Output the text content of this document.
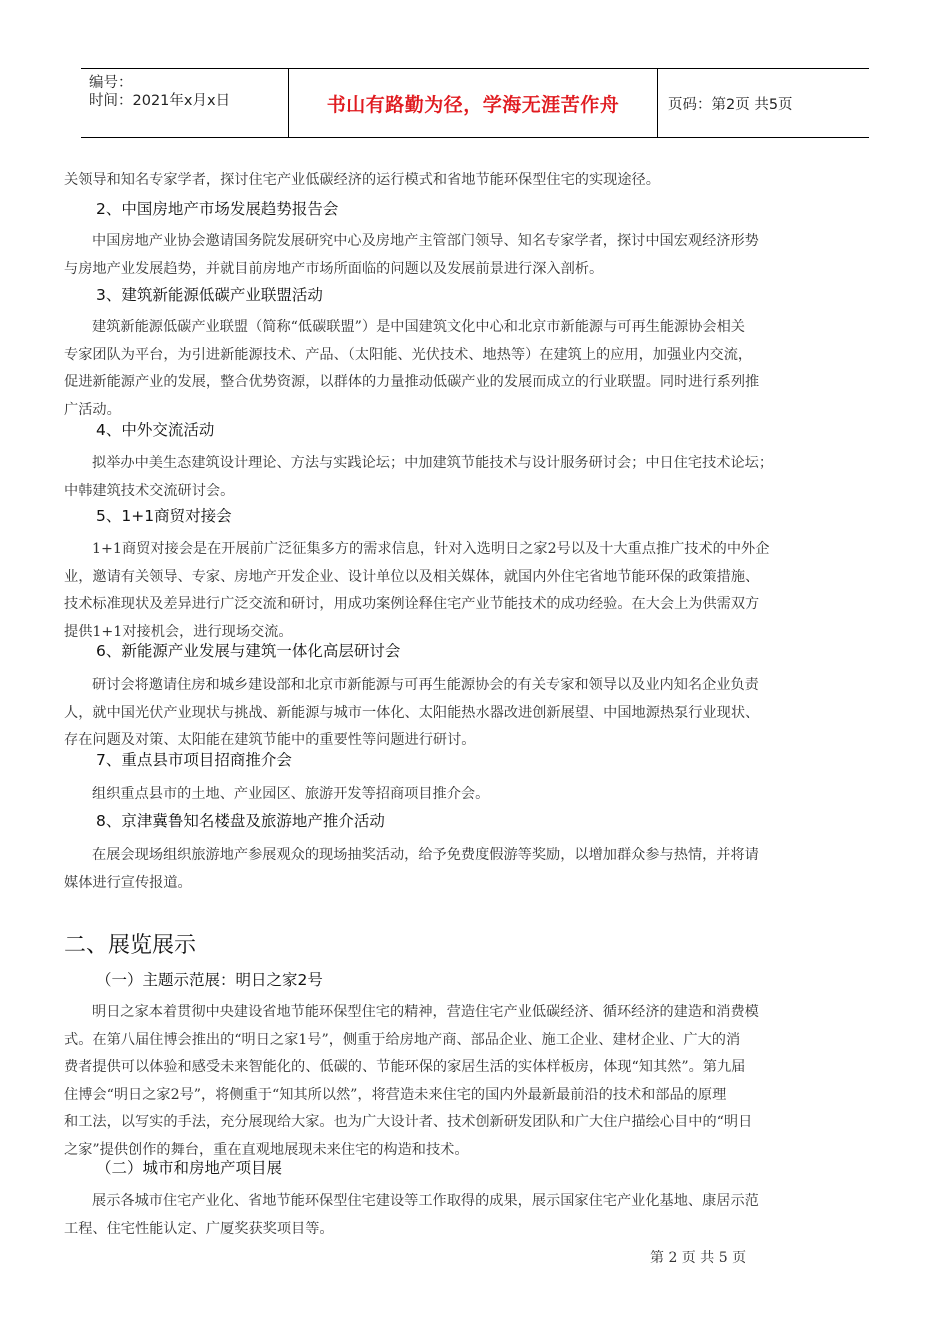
编号：
时间：2021年x月x日	书山有路勤为径，学海无涯苦作舟	页码：第2页 共5页
关领导和知名专家学者，探讨住宅产业低碳经济的运行模式和省地节能环保型住宅的实现途径。
2、中国房地产市场发展趋势报告会
中国房地产业协会邀请国务院发展研究中心及房地产主管部门领导、知名专家学者，探讨中国宏观经济形势
与房地产业发展趋势，并就目前房地产市场所面临的问题以及发展前景进行深入剖析。
3、建筑新能源低碳产业联盟活动
建筑新能源低碳产业联盟（简称“低碳联盟”）是中国建筑文化中心和北京市新能源与可再生能源协会相关
专家团队为平台，为引进新能源技术、产品、（太阳能、光伏技术、地热等）在建筑上的应用，加强业内交流，
促进新能源产业的发展，整合优势资源，以群体的力量推动低碳产业的发展而成立的行业联盟。同时进行系列推
广活动。
4、中外交流活动
拟举办中美生态建筑设计理论、方法与实践论坛；中加建筑节能技术与设计服务研讨会；中日住宅技术论坛；
中韩建筑技术交流研讨会。
5、1+1商贸对接会
1+1商贸对接会是在开展前广泛征集多方的需求信息，针对入选明日之家2号以及十大重点推广技术的中外企
业，邀请有关领导、专家、房地产开发企业、设计单位以及相关媒体，就国内外住宅省地节能环保的政策措施、
技术标准现状及差异进行广泛交流和研讨，用成功案例诠释住宅产业节能技术的成功经验。在大会上为供需双方
提供1+1对接机会，进行现场交流。
6、新能源产业发展与建筑一体化高层研讨会
研讨会将邀请住房和城乡建设部和北京市新能源与可再生能源协会的有关专家和领导以及业内知名企业负责
人，就中国光伏产业现状与挑战、新能源与城市一体化、太阳能热水器改进创新展望、中国地源热泵行业现状、
存在问题及对策、太阳能在建筑节能中的重要性等问题进行研讨。
7、重点县市项目招商推介会
组织重点县市的土地、产业园区、旅游开发等招商项目推介会。
8、京津冀鲁知名楼盘及旅游地产推介活动
在展会现场组织旅游地产参展观众的现场抽奖活动，给予免费度假游等奖励，以增加群众参与热情，并将请
媒体进行宣传报道。
二、展览展示
（一）主题示范展：明日之家2号
明日之家本着贯彻中央建设省地节能环保型住宅的精神，营造住宅产业低碳经济、循环经济的建造和消费模
式。在第八届住博会推出的“明日之家1号”，侧重于给房地产商、部品企业、施工企业、建材企业、广大的消
费者提供可以体验和感受未来智能化的、低碳的、节能环保的家居生活的实体样板房，体现“知其然”。第九届
住博会“明日之家2号”，将侧重于“知其所以然”，将营造未来住宅的国内外最新最前沿的技术和部品的原理
和工法，以写实的手法，充分展现给大家。也为广大设计者、技术创新研发团队和广大住户描绘心目中的“明日
之家”提供创作的舞台，重在直观地展现未来住宅的构造和技术。
（二）城市和房地产项目展
展示各城市住宅产业化、省地节能环保型住宅建设等工作取得的成果，展示国家住宅产业化基地、康居示范
工程、住宅性能认定、广厦奖获奖项目等。
第 2 页 共 5 页
